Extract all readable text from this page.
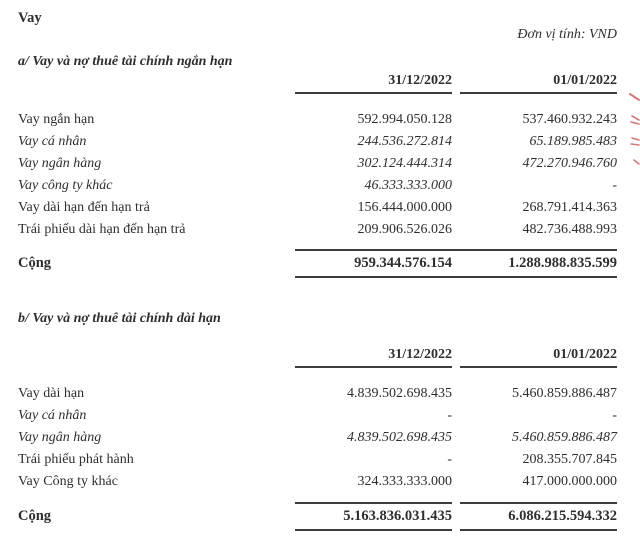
Vay
Đơn vị tính: VND
a/ Vay và nợ thuê tài chính ngắn hạn
31/12/2022	01/01/2022
Vay ngắn hạn	592.994.050.128	537.460.932.243
Vay cá nhân	244.536.272.814	65.189.985.483
Vay ngân hàng	302.124.444.314	472.270.946.760
Vay công ty khác	46.333.333.000	-
Vay dài hạn đến hạn trả	156.444.000.000	268.791.414.363
Trái phiếu dài hạn đến hạn trả	209.906.526.026	482.736.488.993
Cộng	959.344.576.154	1.288.988.835.599
b/ Vay và nợ thuê tài chính dài hạn
31/12/2022	01/01/2022
Vay dài hạn	4.839.502.698.435	5.460.859.886.487
Vay cá nhân	-	-
Vay ngân hàng	4.839.502.698.435	5.460.859.886.487
Trái phiếu phát hành	-	208.355.707.845
Vay Công ty khác	324.333.333.000	417.000.000.000
Cộng	5.163.836.031.435	6.086.215.594.332
